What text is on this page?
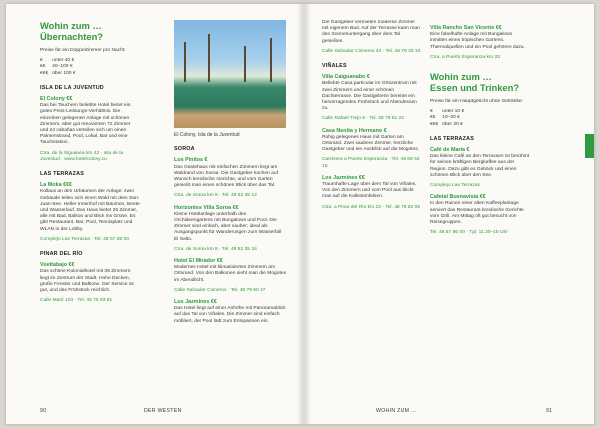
Wohin zum …
Übernachten?

Preise für ein Doppelzimmer pro Nacht:

€	unter 40 €
€€	40–100 €
€€€	über 100 €
ISLA DE LA JUVENTUD
El Colony €€

Das bei Tauchern beliebte Hotel bietet ein gutes Preis-Leistungs-Verhältnis. Die einzelnen gelegenen Anlage mit schönen Zimmern, aber gut renovierten 72 Zimmer und 24 cabañas verteilen sich um einen Palmenstrand, Pool, Lokal, Bar und eine Tauchstation.

Ctra. de la Siguanea km 42 · Isla de la Juventud · www.hotelcolony.cu

LAS TERRAZAS
La Moka €€€

Kollaus an den Urbäumen der Anlage: zwei Gebäude teilen sich einen Wald mit dem San-Juan-See. Heller Innenhof mit Bäumen, Beete und Wasserlauf. Das Haus bietet 26 Zimmer, alle mit Bad, Balkon und Blick ins Grüne. Es gibt Restaurant, Bar, Pool, Tennisplatz und WLAN in der Lobby.

Complejo Las Terrazas · Tel. 48 57 86 00

PINAR DEL RÍO
Vueltabajo €€

Das schöne Kolonialhotel mit 39 Zimmern liegt im Zentrum der Stadt. Hohe Decken, große Fenster und Balkone. Der Service ist gut, und das Frühstück reichlich.

Calle Martí 103 · Tel. 48 75 93 81

El Colony, Isla de la Juventud

SOROA
Los Pinitos €

Das Gästehaus mit einfachen Zimmern liegt am Waldrand von Soroa. Die Gastgeber kochen auf Wunsch kreolische Gerichte, und vom Garten genießt man einen schönen Blick über das Tal.

Ctra. de Soroa km 8 · Tel. 48 52 35 12

Horizontes Villa Soroa €€

Kleine Hotelanlage unterhalb des Orchideengartens mit Bungalows und Pool. Die Zimmer sind einfach, aber sauber; ideal als Ausgangspunkt für Wanderungen zum Wasserfall El Salto.

Ctra. de Soroa km 8 · Tel. 48 52 35 34

Hotel El Mirador €€

Modernes Hotel mit klimatisierten Zimmern am Ortsrand. Von den Balkonen sieht man die Mogotes im Abendlicht.

Calle Salvador Cisneros · Tel. 48 79 60 47

Los Jazmines €€

Das Hotel liegt auf einer Anhöhe mit Panoramablick auf das Tal von Viñales. Die Zimmer sind einfach möbliert, der Pool lädt zum Entspannen ein.

Die Gastgeber vermieten moderne Zimmer mit eigenem Bad. Auf der Terrasse kann man den Sonnenuntergang über dem Tal genießen.

Calle Salvador Cisneros 42 · Tel. 48 79 33 10

VIÑALES
Villa Caiguanabo €

Beliebte Casa particular im Ortszentrum mit zwei Zimmern und einer schönen Dachterrasse. Die Gastgeberin bereitet ein hervorragendes Frühstück und Abendessen zu.

Calle Rafael Trejo 5 · Tel. 48 79 61 22

Casa Nenita y Hermano €

Ruhig gelegenes Haus mit Garten am Ortsrand. Zwei saubere Zimmer, herzliche Gastgeber und ein Ausblick auf die Mogotes.

Carretera a Puerto Esperanza · Tel. 48 69 53 18

Los Jazmines €€

Traumhafte Lage über dem Tal von Viñales. Von den Zimmern und vom Pool aus blickt man auf die Kalksteinfelsen.

Ctra. a Pinar del Río km 23 · Tel. 48 79 62 05

Villa Rancho San Vicente €€

Eine fabelhafte Anlage mit Bungalows inmitten eines tropischen Gartens. Thermalquellen und ein Pool gehören dazu.

Ctra. a Puerto Esperanza km 33

Wohin zum …
Essen und Trinken?

Preise für ein Hauptgericht ohne Getränke:

€	unter 10 €
€€	10–20 €
€€€	über 20 €
LAS TERRAZAS
Café de María €

Das kleine Café an den Terrassen ist berühmt für seinen kräftigen Bergkaffee aus der Region. Dazu gibt es Gebäck und einen schönen Blick über den See.

Complejo Las Terrazas

Cafetal Buenavista €€

In den Ruinen einer alten Kaffeeplantage serviert das Restaurant kreolische Gerichte vom Grill. Am Mittag oft gut besucht von Reisegruppen.

Tel. 48 57 86 00 · Tgl. 11.30–15 Uhr

90	DER WESTEN	WOHIN ZUM …	91
